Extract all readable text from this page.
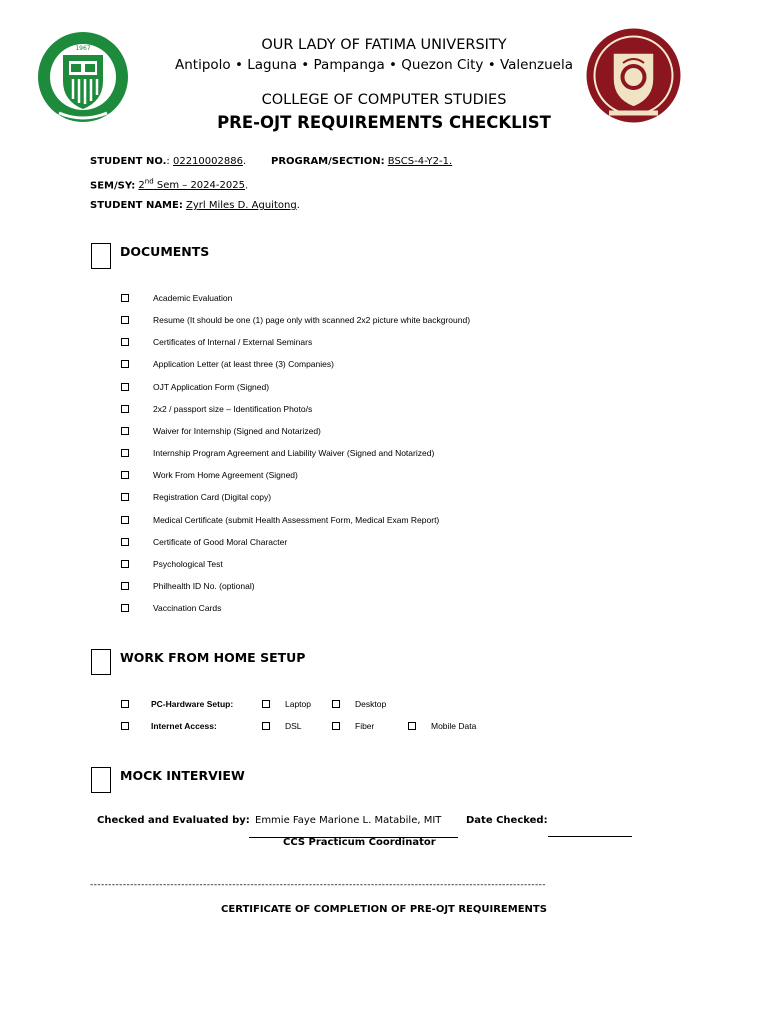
1967	OUR LADY OF FATIMA UNIVERSITY
Antipolo • Laguna • Pampanga • Quezon City • Valenzuela
COLLEGE OF COMPUTER STUDIES
PRE-OJT REQUIREMENTS CHECKLIST
STUDENT NO.: 02210002886. PROGRAM/SECTION: BSCS-4-Y2-1.
SEM/SY: 2nd Sem – 2024-2025.
STUDENT NAME: Zyrl Miles D. Aguitong.
DOCUMENTS
Academic Evaluation
Resume (It should be one (1) page only with scanned 2x2 picture white background)
Certificates of Internal / External Seminars
Application Letter (at least three (3) Companies)
OJT Application Form (Signed)
2x2 / passport size – Identification Photo/s
Waiver for Internship (Signed and Notarized)
Internship Program Agreement and Liability Waiver (Signed and Notarized)
Work From Home Agreement (Signed)
Registration Card (Digital copy)
Medical Certificate (submit Health Assessment Form, Medical Exam Report)
Certificate of Good Moral Character
Psychological Test
Philhealth ID No. (optional)
Vaccination Cards
WORK FROM HOME SETUP
PC-Hardware Setup:	Laptop	Desktop
Internet Access:	DSL	Fiber	Mobile Data
MOCK INTERVIEW
Checked and Evaluated by: Emmie Faye Marione L. Matabile, MIT
CCS Practicum Coordinator
Date Checked:
-----------------------------------------------------------------------------------------------------------------------------
CERTIFICATE OF COMPLETION OF PRE-OJT REQUIREMENTS
